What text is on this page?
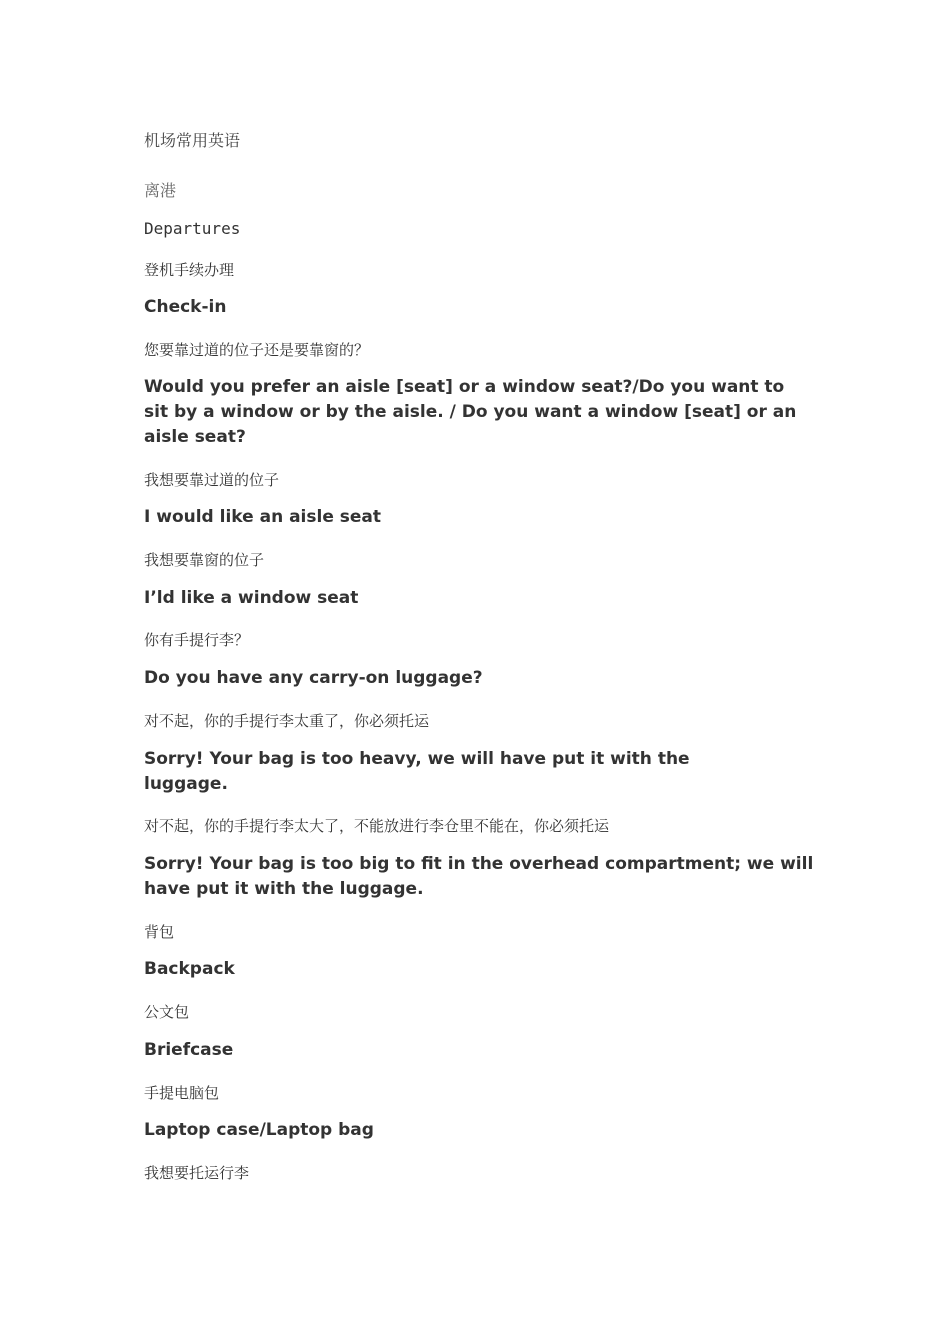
机场常用英语
离港
Departures
登机手续办理
Check-in
您要靠过道的位子还是要靠窗的？
Would you prefer an aisle [seat] or a window seat?/Do you want to sit by a window or by the aisle. / Do you want a window [seat] or an aisle seat?
我想要靠过道的位子
I would like an aisle seat
我想要靠窗的位子
I’ld like a window seat
你有手提行李？
Do you have any carry-on luggage?
对不起，你的手提行李太重了，你必须托运
Sorry! Your bag is too heavy, we will have put it with the luggage.
对不起，你的手提行李太大了，不能放进行李仓里不能在，你必须托运
Sorry! Your bag is too big to fit in the overhead compartment; we will have put it with the luggage.
背包
Backpack
公文包
Briefcase
手提电脑包
Laptop case/Laptop bag
我想要托运行李
